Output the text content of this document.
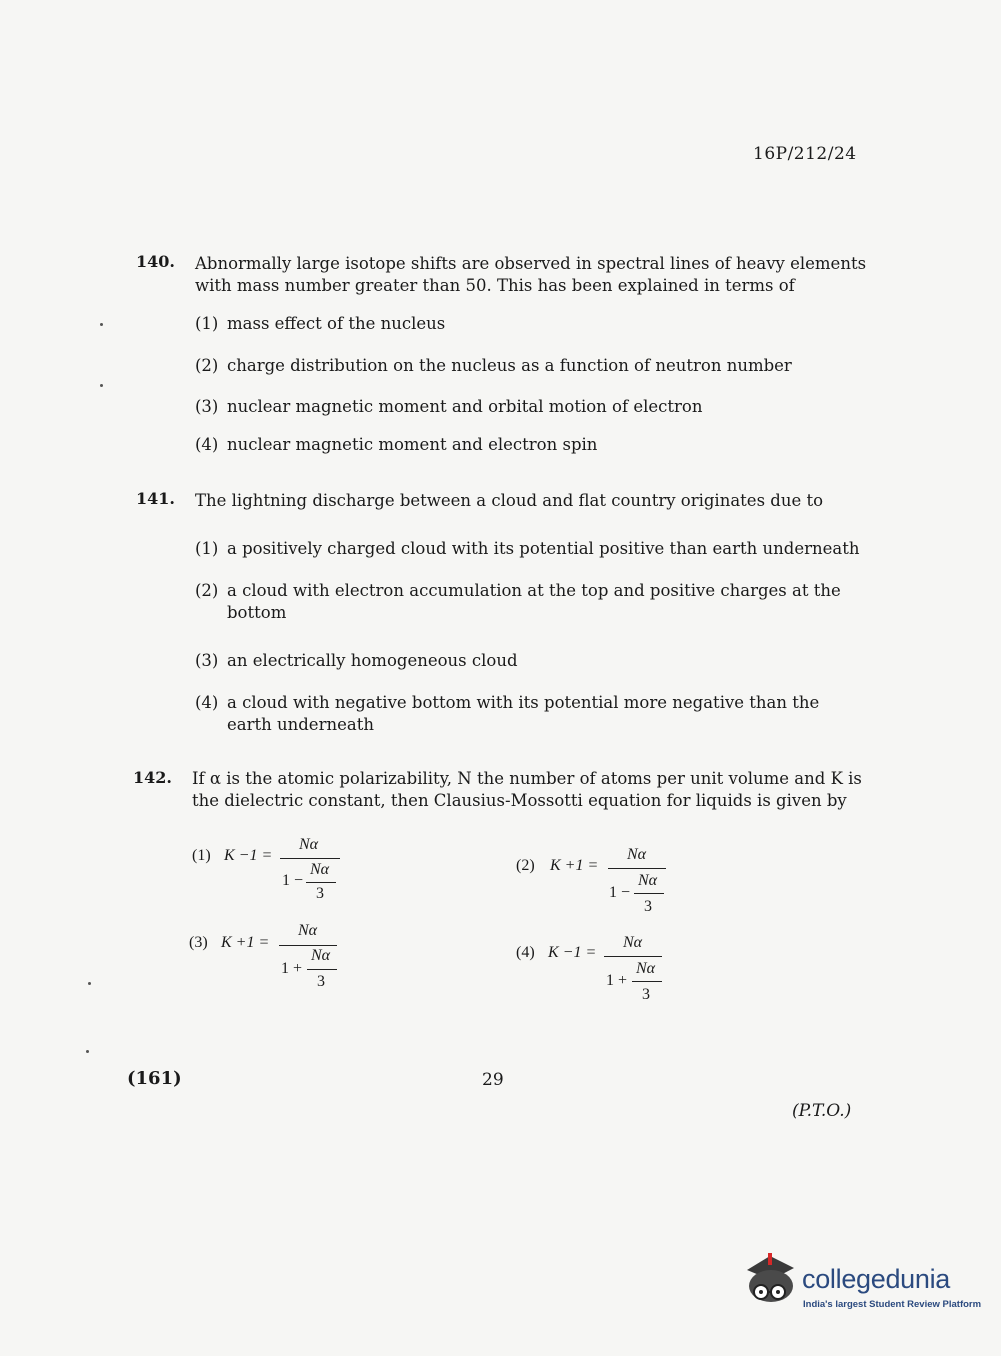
16P/212/24
140. Abnormally large isotope shifts are observed in spectral lines of heavy elements with mass number greater than 50. This has been explained in terms of
(1) mass effect of the nucleus
(2) charge distribution on the nucleus as a function of neutron number
(3) nuclear magnetic moment and orbital motion of electron
(4) nuclear magnetic moment and electron spin
141. The lightning discharge between a cloud and flat country originates due to
(1) a positively charged cloud with its potential positive than earth underneath
(2) a cloud with electron accumulation at the top and positive charges at the bottom
(3) an electrically homogeneous cloud
(4) a cloud with negative bottom with its potential more negative than the earth underneath
142. If α is the atomic polarizability, N the number of atoms per unit volume and K is the dielectric constant, then Clausius-Mossotti equation for liquids is given by
(1) K −1 =
Nα
1 −
Nα
3
(2) K +1 =
Nα
1 −
Nα
3
(3) K +1 =
Nα
1 +
Nα
3
(4) K −1 =
Nα
1 +
Nα
3
(161)	29
(P.T.O.)
collegedunia
India's largest Student Review Platform
